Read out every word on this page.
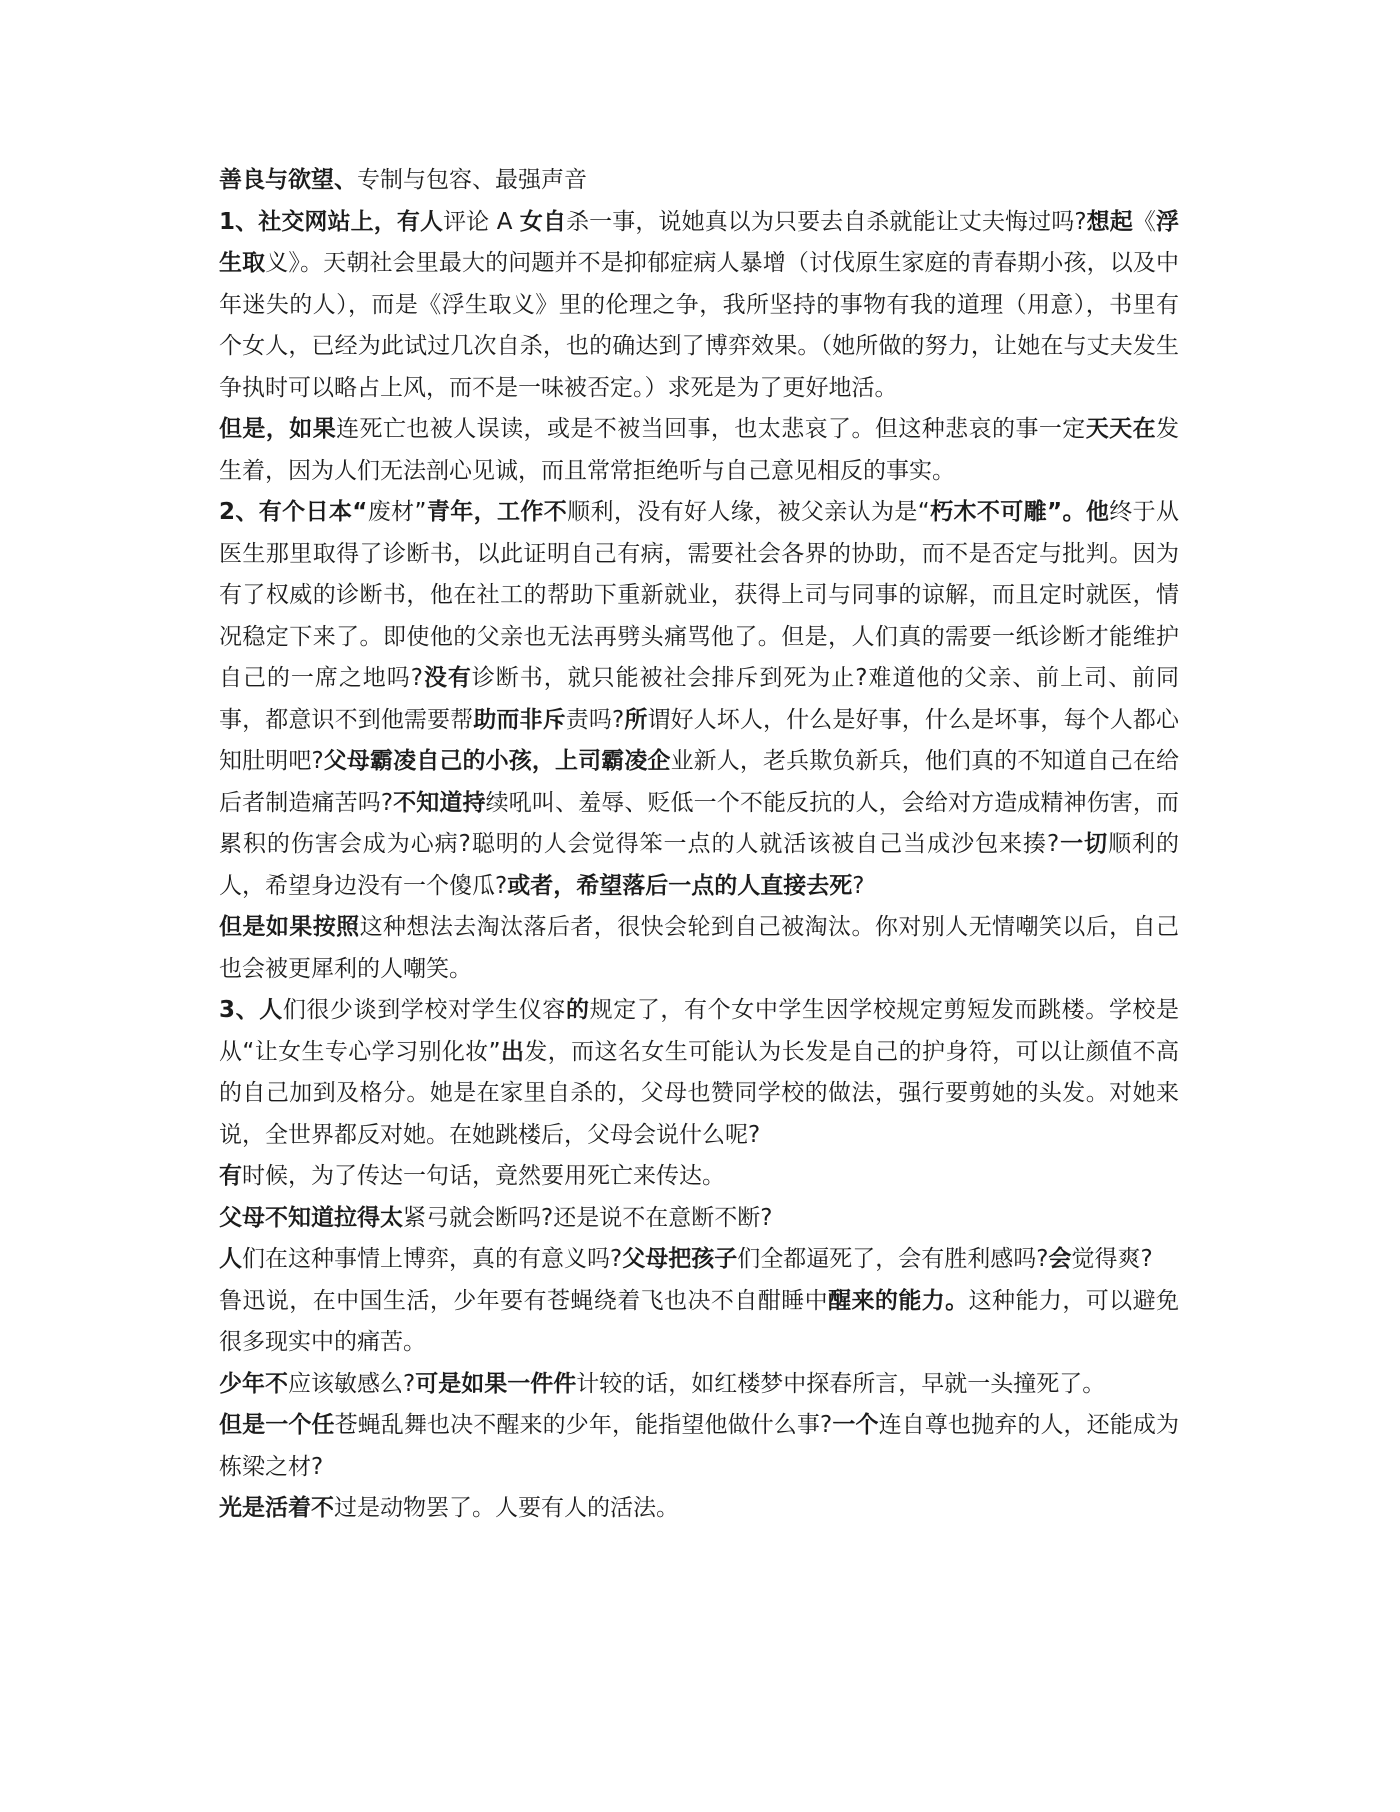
善良与欲望、专制与包容、最强声音

1、社交网站上，有人评论 A 女自杀一事，说她真以为只要去自杀就能让丈夫悔过吗?想起《浮生取义》。天朝社会里最大的问题并不是抑郁症病人暴增（讨伐原生家庭的青春期小孩，以及中年迷失的人），而是《浮生取义》里的伦理之争，我所坚持的事物有我的道理（用意），书里有个女人，已经为此试过几次自杀，也的确达到了博弈效果。（她所做的努力，让她在与丈夫发生争执时可以略占上风，而不是一味被否定。）求死是为了更好地活。

但是，如果连死亡也被人误读，或是不被当回事，也太悲哀了。但这种悲哀的事一定天天在发生着，因为人们无法剖心见诚，而且常常拒绝听与自己意见相反的事实。

2、有个日本“废材”青年，工作不顺利，没有好人缘，被父亲认为是“朽木不可雕”。他终于从医生那里取得了诊断书，以此证明自己有病，需要社会各界的协助，而不是否定与批判。因为有了权威的诊断书，他在社工的帮助下重新就业，获得上司与同事的谅解，而且定时就医，情况稳定下来了。即使他的父亲也无法再劈头痛骂他了。但是，人们真的需要一纸诊断才能维护自己的一席之地吗?没有诊断书，就只能被社会排斥到死为止?难道他的父亲、前上司、前同事，都意识不到他需要帮助而非斥责吗?所谓好人坏人，什么是好事，什么是坏事，每个人都心知肚明吧?父母霸凌自己的小孩，上司霸凌企业新人，老兵欺负新兵，他们真的不知道自己在给后者制造痛苦吗?不知道持续吼叫、羞辱、贬低一个不能反抗的人，会给对方造成精神伤害，而累积的伤害会成为心病?聪明的人会觉得笨一点的人就活该被自己当成沙包来揍?一切顺利的人，希望身边没有一个傻瓜?或者，希望落后一点的人直接去死?

但是如果按照这种想法去淘汰落后者，很快会轮到自己被淘汰。你对别人无情嘲笑以后，自己也会被更犀利的人嘲笑。

3、人们很少谈到学校对学生仪容的规定了，有个女中学生因学校规定剪短发而跳楼。学校是从“让女生专心学习别化妆”出发，而这名女生可能认为长发是自己的护身符，可以让颜值不高的自己加到及格分。她是在家里自杀的，父母也赞同学校的做法，强行要剪她的头发。对她来说，全世界都反对她。在她跳楼后，父母会说什么呢?

有时候，为了传达一句话，竟然要用死亡来传达。

父母不知道拉得太紧弓就会断吗?还是说不在意断不断?

人们在这种事情上博弈，真的有意义吗?父母把孩子们全都逼死了，会有胜利感吗?会觉得爽?

鲁迅说，在中国生活，少年要有苍蝇绕着飞也决不自酣睡中醒来的能力。这种能力，可以避免很多现实中的痛苦。

少年不应该敏感么?可是如果一件件计较的话，如红楼梦中探春所言，早就一头撞死了。

但是一个任苍蝇乱舞也决不醒来的少年，能指望他做什么事?一个连自尊也抛弃的人，还能成为栋梁之材?

光是活着不过是动物罢了。人要有人的活法。
